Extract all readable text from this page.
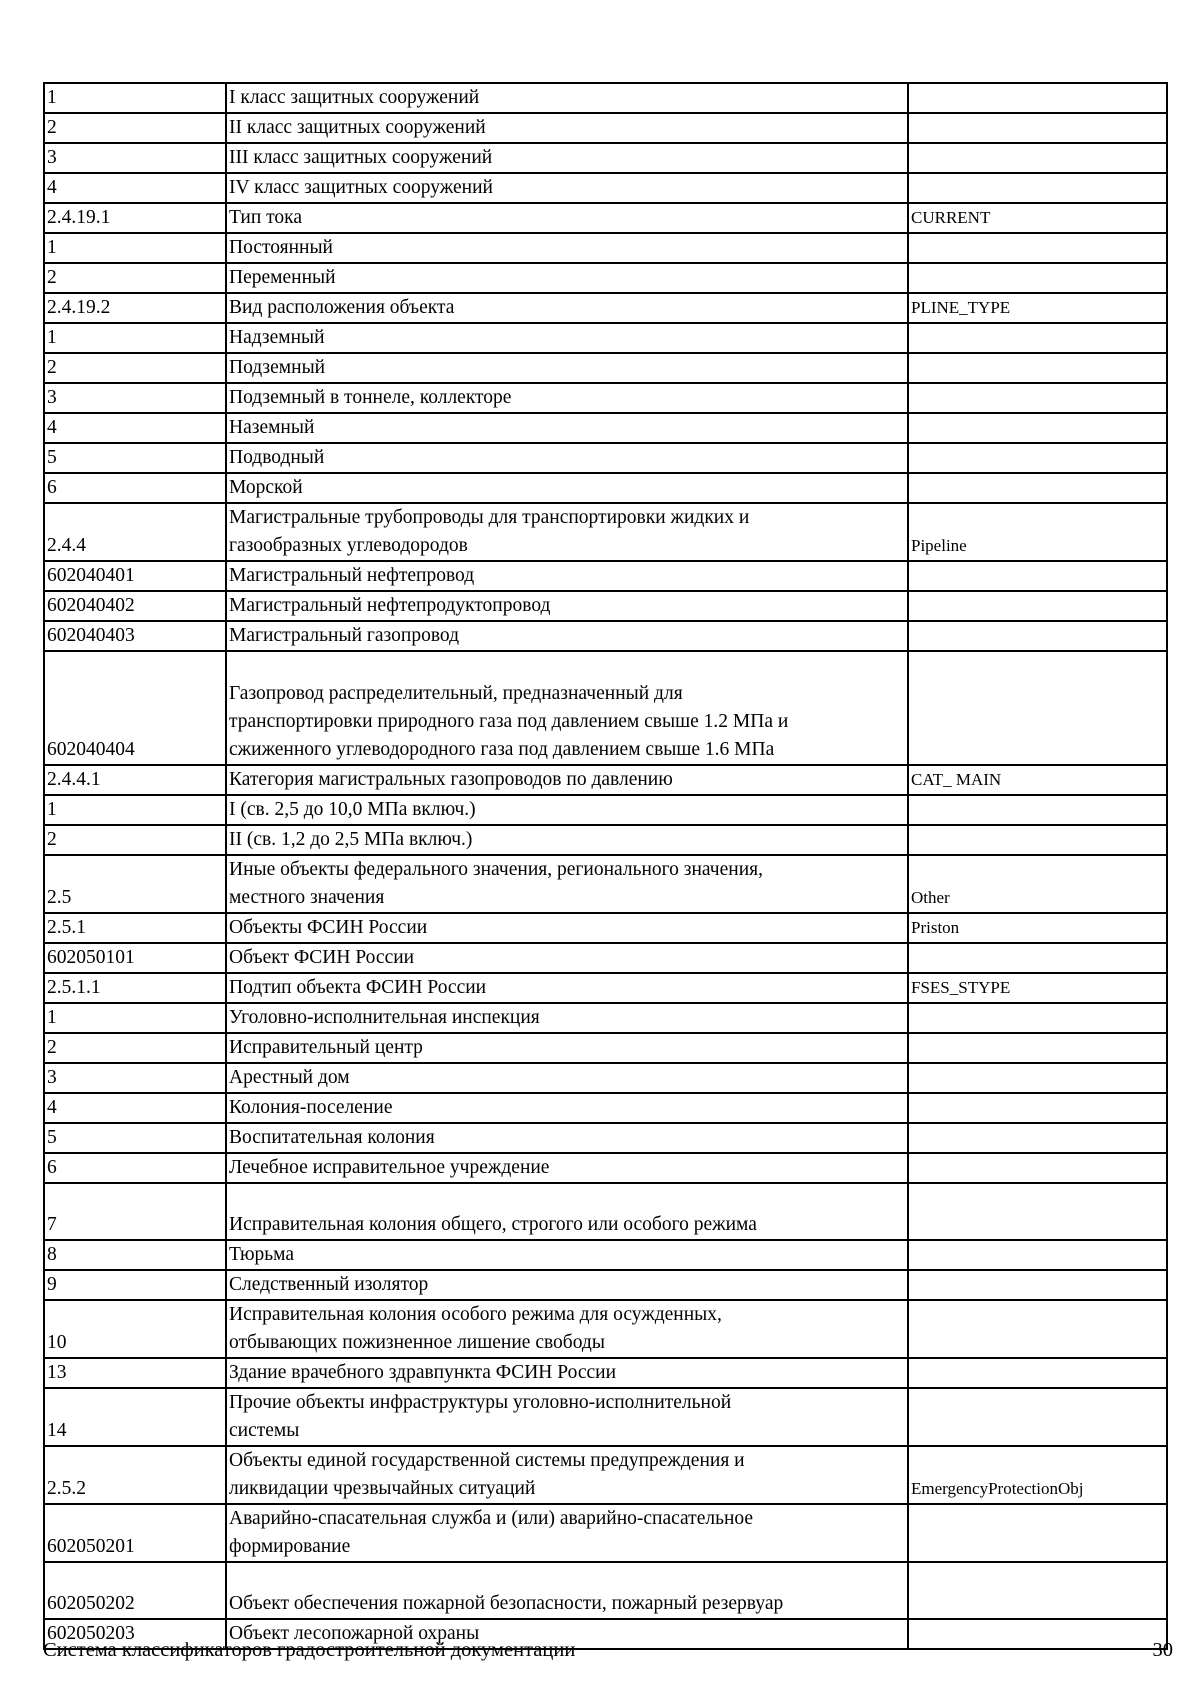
1	I класс защитных сооружений	
2	II класс защитных сооружений	
3	III класс защитных сооружений	
4	IV класс защитных сооружений	
2.4.19.1	Тип тока	CURRENT
1	Постоянный	
2	Переменный	
2.4.19.2	Вид расположения объекта	PLINE_TYPE
1	Надземный	
2	Подземный	
3	Подземный в тоннеле, коллекторе	
4	Наземный	
5	Подводный	
6	Морской	
2.4.4	Магистральные трубопроводы для транспортировки жидких и
газообразных углеводородов	Pipeline
602040401	Магистральный нефтепровод	
602040402	Магистральный нефтепродуктопровод	
602040403	Магистральный газопровод	
602040404	Газопровод распределительный, предназначенный для
транспортировки природного газа под давлением свыше 1.2 МПа и
сжиженного углеводородного газа под давлением свыше 1.6 МПа	
2.4.4.1	Категория магистральных газопроводов по давлению	CAT_ MAIN
1	I (св. 2,5 до 10,0 МПа включ.)	
2	II (св. 1,2 до 2,5 МПа включ.)	
2.5	Иные объекты федерального значения, регионального значения,
местного значения	Other
2.5.1	Объекты ФСИН России	Priston
602050101	Объект ФСИН России	
2.5.1.1	Подтип объекта ФСИН России	FSES_STYPE
1	Уголовно-исполнительная инспекция	
2	Исправительный центр	
3	Арестный дом	
4	Колония-поселение	
5	Воспитательная колония	
6	Лечебное исправительное учреждение	
7	Исправительная колония общего, строгого или особого режима	
8	Тюрьма	
9	Следственный изолятор	
10	Исправительная колония особого режима для осужденных,
отбывающих пожизненное лишение свободы	
13	Здание врачебного здравпункта ФСИН России	
14	Прочие объекты инфраструктуры уголовно-исполнительной
системы	
2.5.2	Объекты единой государственной системы предупреждения и
ликвидации чрезвычайных ситуаций	EmergencyProtectionObj
602050201	Аварийно-спасательная служба и (или) аварийно-спасательное
формирование	
602050202	Объект обеспечения пожарной безопасности, пожарный резервуар	
602050203	Объект лесопожарной охраны	
Система классификаторов градостроительной документации	30
